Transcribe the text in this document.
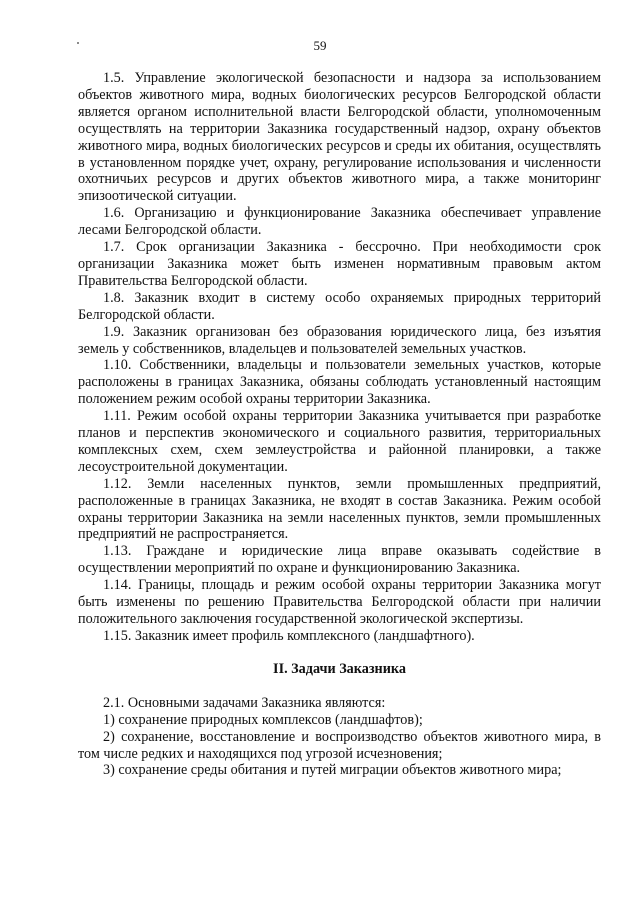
59

1.5. Управление экологической безопасности и надзора за использованием объектов животного мира, водных биологических ресурсов Белгородской области является органом исполнительной власти Белгородской области, уполномоченным осуществлять на территории Заказника государственный надзор, охрану объектов животного мира, водных биологических ресурсов и среды их обитания, осуществлять в установленном порядке учет, охрану, регулирование использования и численности охотничьих ресурсов и других объектов животного мира, а также мониторинг эпизоотической ситуации.

1.6. Организацию и функционирование Заказника обеспечивает управление лесами Белгородской области.

1.7. Срок организации Заказника - бессрочно. При необходимости срок организации Заказника может быть изменен нормативным правовым актом Правительства Белгородской области.

1.8. Заказник входит в систему особо охраняемых природных территорий Белгородской области.

1.9. Заказник организован без образования юридического лица, без изъятия земель у собственников, владельцев и пользователей земельных участков.

1.10. Собственники, владельцы и пользователи земельных участков, которые расположены в границах Заказника, обязаны соблюдать установленный настоящим положением режим особой охраны территории Заказника.

1.11. Режим особой охраны территории Заказника учитывается при разработке планов и перспектив экономического и социального развития, территориальных комплексных схем, схем землеустройства и районной планировки, а также лесоустроительной документации.

1.12. Земли населенных пунктов, земли промышленных предприятий, расположенные в границах Заказника, не входят в состав Заказника. Режим особой охраны территории Заказника на земли населенных пунктов, земли промышленных предприятий не распространяется.

1.13. Граждане и юридические лица вправе оказывать содействие в осуществлении мероприятий по охране и функционированию Заказника.

1.14. Границы, площадь и режим особой охраны территории Заказника могут быть изменены по решению Правительства Белгородской области при наличии положительного заключения государственной экологической экспертизы.

1.15. Заказник имеет профиль комплексного (ландшафтного).

II. Задачи Заказника

2.1. Основными задачами Заказника являются:

1) сохранение природных комплексов (ландшафтов);

2) сохранение, восстановление и воспроизводство объектов животного мира, в том числе редких и находящихся под угрозой исчезновения;

3) сохранение среды обитания и путей миграции объектов животного мира;
